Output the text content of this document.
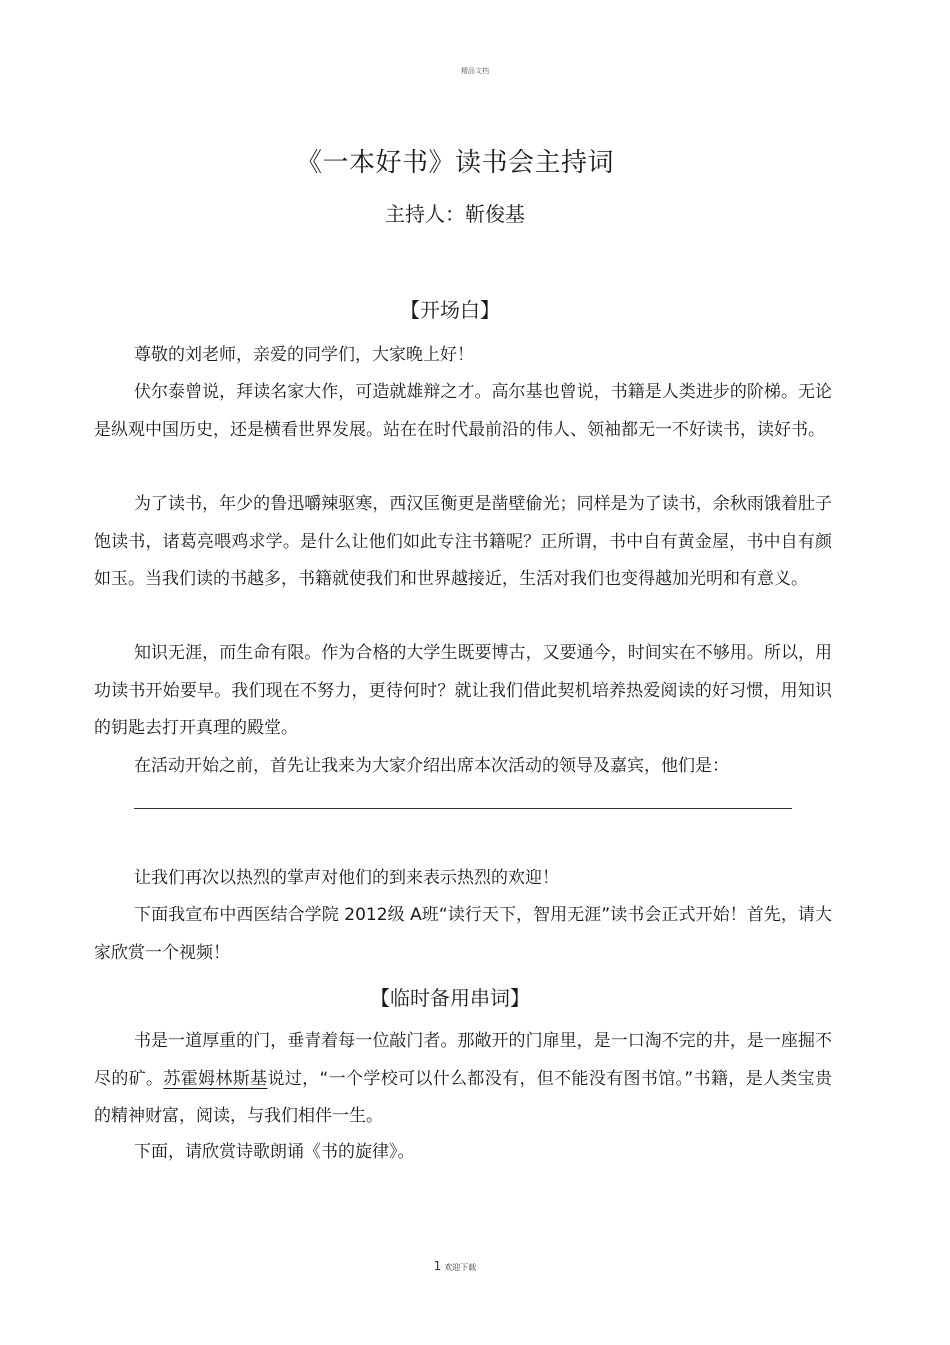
精品文档
《一本好书》读书会主持词
主持人：靳俊基
【开场白】
尊敬的刘老师，亲爱的同学们，大家晚上好！
伏尔泰曾说，拜读名家大作，可造就雄辩之才。高尔基也曾说，书籍是人类进步的阶梯。无论是纵观中国历史，还是横看世界发展。站在在时代最前沿的伟人、领袖都无一不好读书，读好书。
为了读书，年少的鲁迅嚼辣驱寒，西汉匡衡更是凿壁偷光；同样是为了读书，余秋雨饿着肚子饱读书，诸葛亮喂鸡求学。是什么让他们如此专注书籍呢？正所谓，书中自有黄金屋，书中自有颜如玉。当我们读的书越多，书籍就使我们和世界越接近，生活对我们也变得越加光明和有意义。
知识无涯，而生命有限。作为合格的大学生既要博古，又要通今，时间实在不够用。所以，用功读书开始要早。我们现在不努力，更待何时？就让我们借此契机培养热爱阅读的好习惯，用知识的钥匙去打开真理的殿堂。
在活动开始之前，首先让我来为大家介绍出席本次活动的领导及嘉宾，他们是：
让我们再次以热烈的掌声对他们的到来表示热烈的欢迎！
下面我宣布中西医结合学院 2012级 A班“读行天下，智用无涯”读书会正式开始！首先，请大家欣赏一个视频！
【临时备用串词】
书是一道厚重的门，垂青着每一位敲门者。那敞开的门扉里，是一口淘不完的井，是一座掘不尽的矿。苏霍姆林斯基说过，“一个学校可以什么都没有，但不能没有图书馆。”书籍，是人类宝贵的精神财富，阅读，与我们相伴一生。
下面，请欣赏诗歌朗诵《书的旋律》。
1 欢迎下载
